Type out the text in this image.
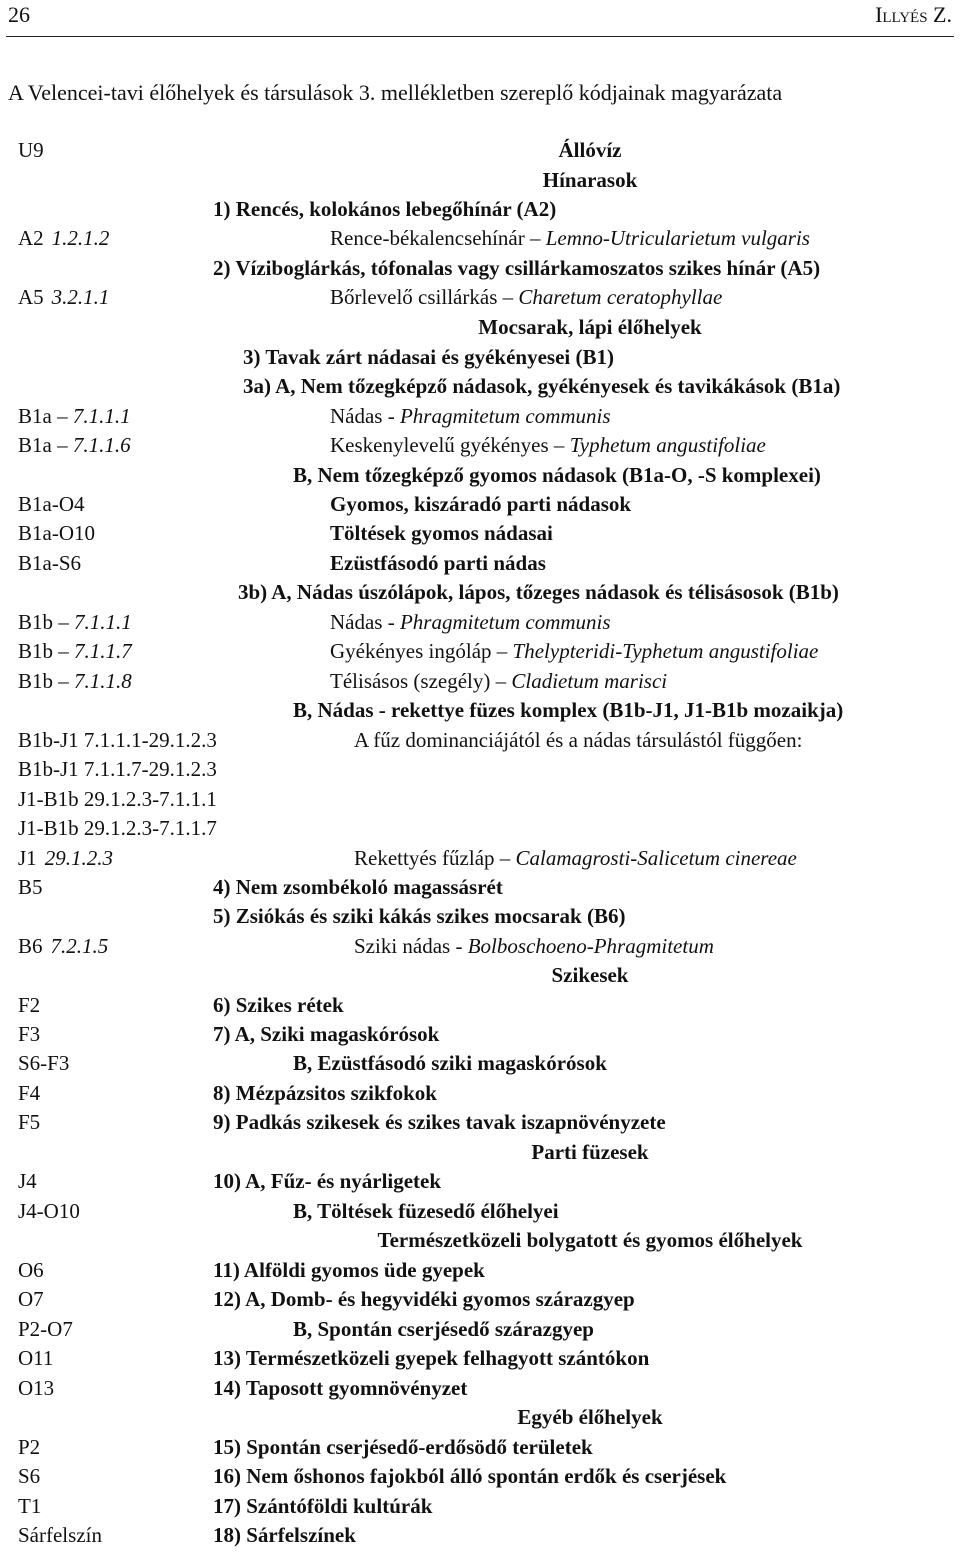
26	Illyés Z.
A Velencei-tavi élőhelyek és társulások 3. mellékletben szereplő kódjainak magyarázata
U9	Állóvíz
Hínarasok
1) Rencés, kolokános lebegőhínár (A2)
A2 1.2.1.2	Rence-békalencsehínár – Lemno-Utricularietum vulgaris
2) Víziboglárkás, tófonalas vagy csillárkamoszatos szikes hínár (A5)
A5 3.2.1.1	Bőrlevelő csillárkás – Charetum ceratophyllae
Mocsarak, lápi élőhelyek
3) Tavak zárt nádasai és gyékényesei (B1)
3a) A, Nem tőzegképző nádasok, gyékényesek és tavikákások (B1a)
B1a – 7.1.1.1	Nádas - Phragmitetum communis
B1a – 7.1.1.6	Keskenylevelű gyékényes – Typhetum angustifoliae
B, Nem tőzegképző gyomos nádasok (B1a-O, -S komplexei)
B1a-O4	Gyomos, kiszáradó parti nádasok
B1a-O10	Töltések gyomos nádasai
B1a-S6	Ezüstfásodó parti nádas
3b) A, Nádas úszólápok, lápos, tőzeges nádasok és télisásosok (B1b)
B1b – 7.1.1.1	Nádas - Phragmitetum communis
B1b – 7.1.1.7	Gyékényes ingóláp – Thelypteridi-Typhetum angustifoliae
B1b – 7.1.1.8	Télisásos (szegély) – Cladietum marisci
B, Nádas - rekettye füzes komplex (B1b-J1, J1-B1b mozaikja)
B1b-J1 7.1.1.1-29.1.2.3	A fűz dominanciájától és a nádas társulástól függően:
B1b-J1 7.1.1.7-29.1.2.3
J1-B1b 29.1.2.3-7.1.1.1
J1-B1b 29.1.2.3-7.1.1.7
J1 29.1.2.3	Rekettyés fűzláp – Calamagrosti-Salicetum cinereae
B5	4) Nem zsombékoló magassásrét
5) Zsiókás és sziki kákás szikes mocsarak (B6)
B6 7.2.1.5	Sziki nádas - Bolboschoeno-Phragmitetum
Szikesek
F2	6) Szikes rétek
F3	7) A, Sziki magaskórósok
S6-F3	B, Ezüstfásodó sziki magaskórósok
F4	8) Mézpázsitos szikfokok
F5	9) Padkás szikesek és szikes tavak iszapnövényzete
Parti füzesek
J4	10) A, Fűz- és nyárligetek
J4-O10	B, Töltések füzesedő élőhelyei
Természetközeli bolygatott és gyomos élőhelyek
O6	11) Alföldi gyomos üde gyepek
O7	12) A, Domb- és hegyvidéki gyomos szárazgyep
P2-O7	B, Spontán cserjésedő szárazgyep
O11	13) Természetközeli gyepek felhagyott szántókon
O13	14) Taposott gyomnövényzet
Egyéb élőhelyek
P2	15) Spontán cserjésedő-erdősödő területek
S6	16) Nem őshonos fajokból álló spontán erdők és cserjések
T1	17) Szántóföldi kultúrák
Sárfelszín	18) Sárfelszínek
